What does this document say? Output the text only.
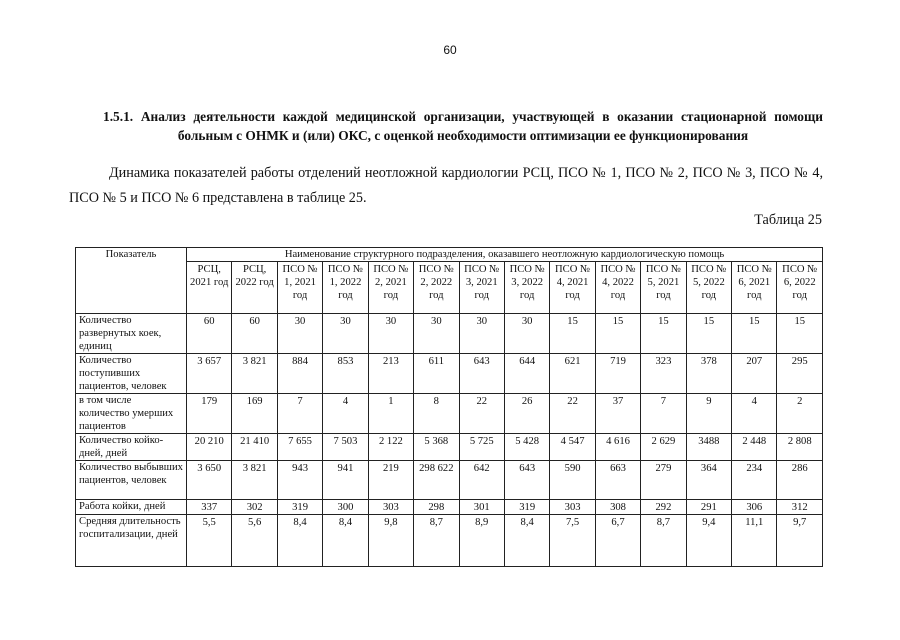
60
1.5.1. Анализ деятельности каждой медицинской организации, участвующей в оказании стационарной помощи больным с ОНМК и (или) ОКС, с оценкой необходимости оптимизации ее функционирования
Динамика показателей работы отделений неотложной кардиологии РСЦ, ПСО № 1, ПСО № 2, ПСО № 3, ПСО № 4, ПСО № 5 и ПСО № 6 представлена в таблице 25.
Таблица 25
Показатель	Наименование структурного подразделения, оказавшего неотложную кардиологическую помощь													
	РСЦ, 2021 год	РСЦ, 2022 год	ПСО № 1, 2021 год	ПСО № 1, 2022 год	ПСО № 2, 2021 год	ПСО № 2, 2022 год	ПСО № 3, 2021 год	ПСО № 3, 2022 год	ПСО № 4, 2021 год	ПСО № 4, 2022 год	ПСО № 5, 2021 год	ПСО № 5, 2022 год	ПСО № 6, 2021 год	ПСО № 6, 2022 год
Количество развернутых коек, единиц	60	60	30	30	30	30	30	30	15	15	15	15	15	15
Количество поступивших пациентов, человек	3 657	3 821	884	853	213	611	643	644	621	719	323	378	207	295
в том числе количество умерших пациентов	179	169	7	4	1	8	22	26	22	37	7	9	4	2
Количество койко-дней, дней	20 210	21 410	7 655	7 503	2 122	5 368	5 725	5 428	4 547	4 616	2 629	3488	2 448	2 808
Количество выбывших пациентов, человек	3 650	3 821	943	941	219	298 622	642	643	590	663	279	364	234	286
Работа койки, дней	337	302	319	300	303	298	301	319	303	308	292	291	306	312
Средняя длительность госпитализации, дней	5,5	5,6	8,4	8,4	9,8	8,7	8,9	8,4	7,5	6,7	8,7	9,4	11,1	9,7
